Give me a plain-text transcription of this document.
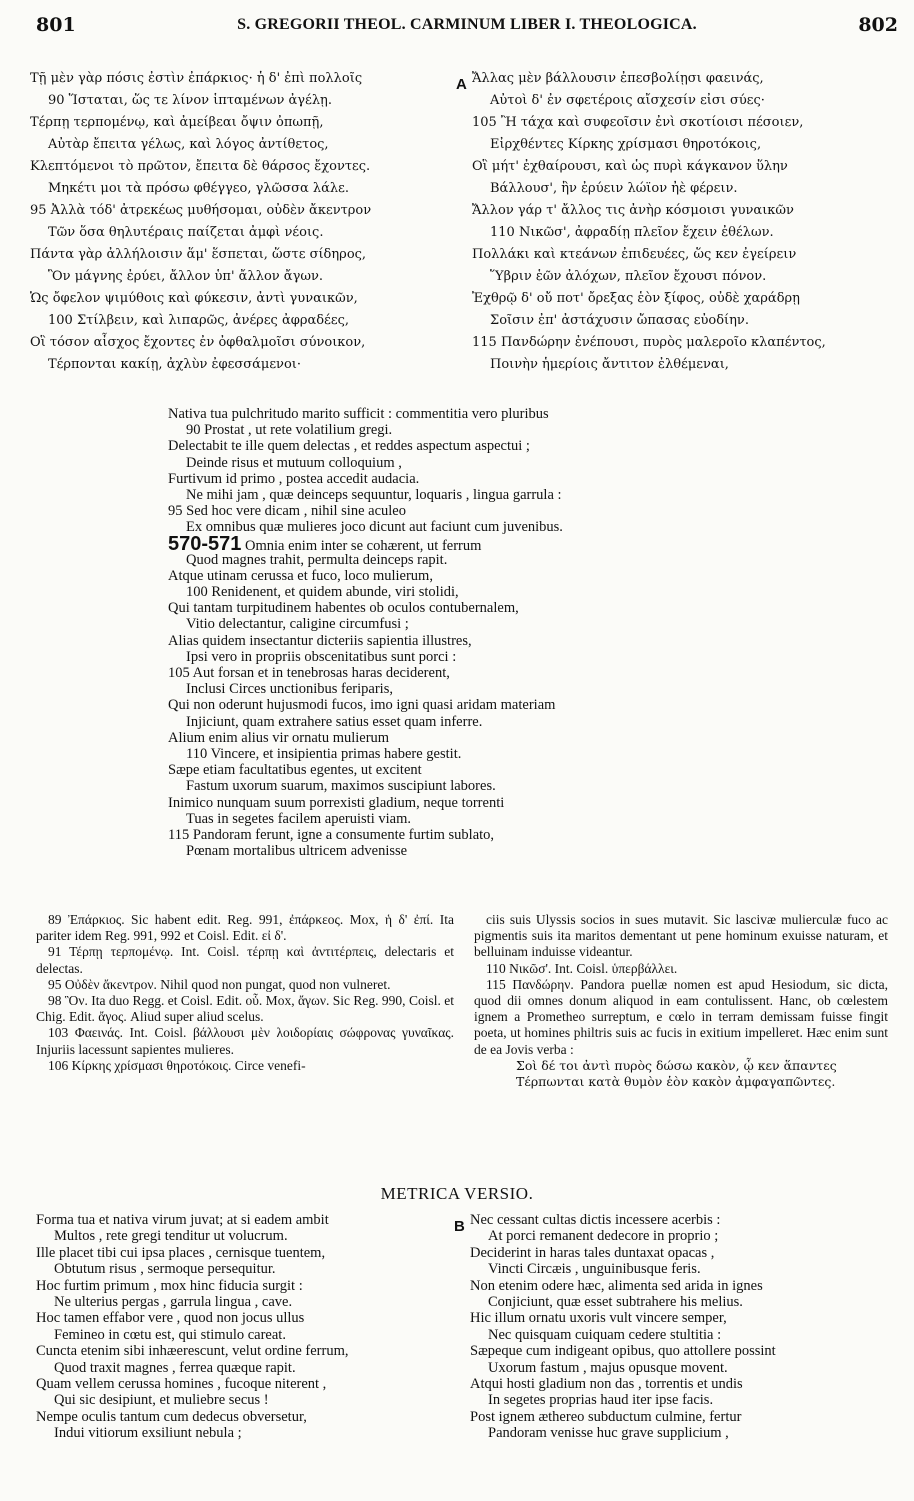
801	S. GREGORII THEOL. CARMINUM LIBER I. THEOLOGICA.	802
Τῇ μὲν γὰρ πόσις ἐστὶν ἐπάρκιος· ἡ δ' ἐπὶ πολλοῖς
90 Ἵσταται, ὥς τε λίνον ἱπταμένων ἀγέλῃ.
Τέρπῃ τερπομένῳ, καὶ ἀμείβεαι ὄψιν ὀπωπῇ,
Αὐτὰρ ἔπειτα γέλως, καὶ λόγος ἀντίθετος,
Κλεπτόμενοι τὸ πρῶτον, ἔπειτα δὲ θάρσος ἔχοντες.
Μηκέτι μοι τὰ πρόσω φθέγγεο, γλῶσσα λάλε.
95 Ἀλλὰ τόδ' ἀτρεκέως μυθήσομαι, οὐδὲν ἄκεντρον
Τῶν ὅσα θηλυτέραις παίζεται ἀμφὶ νέοις.
Πάντα γὰρ ἀλλήλοισιν ἅμ' ἕσπεται, ὥστε σίδηρος,
Ὃν μάγνης ἐρύει, ἄλλον ὑπ' ἄλλον ἄγων.
Ὡς ὄφελον ψιμύθοις καὶ φύκεσιν, ἀντὶ γυναικῶν,
100 Στίλβειν, καὶ λιπαρῶς, ἀνέρες ἀφραδέες,
Οἳ τόσον αἶσχος ἔχοντες ἐν ὀφθαλμοῖσι σύνοικον,
Τέρπονται κακίῃ, ἀχλὺν ἐφεσσάμενοι·
A Ἄλλας μὲν βάλλουσιν ἐπεσβολίῃσι φαεινάς,
Αὐτοὶ δ' ἐν σφετέροις αἴσχεσίν εἰσι σύες·
105 Ἢ τάχα καὶ συφεοῖσιν ἐνὶ σκοτίοισι πέσοιεν,
Εἰρχθέντες Κίρκης χρίσμασι θηροτόκοις,
Οἳ μήτ' ἐχθαίρουσι, καὶ ὡς πυρὶ κάγκανον ὕλην
Βάλλουσ', ἣν ἐρύειν λώϊον ἠὲ φέρειν.
Ἄλλον γάρ τ' ἄλλος τις ἀνὴρ κόσμοισι γυναικῶν
110 Νικῶσ', ἀφραδίῃ πλεῖον ἔχειν ἐθέλων.
Πολλάκι καὶ κτεάνων ἐπιδευέες, ὥς κεν ἐγείρειν
Ὕβριν ἑῶν ἀλόχων, πλεῖον ἔχουσι πόνον.
Ἐχθρῷ δ' οὔ ποτ' ὄρεξας ἑὸν ξίφος, οὐδὲ χαράδρῃ
Σοῖσιν ἐπ' ἀστάχυσιν ὤπασας εὐοδίην.
115 Πανδώρην ἐνέπουσι, πυρὸς μαλεροῖο κλαπέντος,
Ποινὴν ἡμερίοις ἄντιτον ἐλθέμεναι,
Nativa tua pulchritudo marito sufficit : commentitia vero pluribus
90 Prostat , ut rete volatilium gregi.
Delectabit te ille quem delectas , et reddes aspectum aspectui ;
Deinde risus et mutuum colloquium ,
Furtivum id primo , postea accedit audacia.
Ne mihi jam , quæ deinceps sequuntur, loquaris , lingua garrula :
95 Sed hoc vere dicam , nihil sine aculeo
Ex omnibus quæ mulieres joco dicunt aut faciunt cum juvenibus.
570-571 Omnia enim inter se cohærent, ut ferrum
Quod magnes trahit, permulta deinceps rapit.
Atque utinam cerussa et fuco, loco mulierum,
100 Renidenent, et quidem abunde, viri stolidi,
Qui tantam turpitudinem habentes ob oculos contubernalem,
Vitio delectantur, caligine circumfusi ;
Alias quidem insectantur dicteriis sapientia illustres,
Ipsi vero in propriis obscenitatibus sunt porci :
105 Aut forsan et in tenebrosas haras deciderent,
Inclusi Circes unctionibus feriparis,
Qui non oderunt hujusmodi fucos, imo igni quasi aridam materiam
Injiciunt, quam extrahere satius esset quam inferre.
Alium enim alius vir ornatu mulierum
110 Vincere, et insipientia primas habere gestit.
Sæpe etiam facultatibus egentes, ut excitent
Fastum uxorum suarum, maximos suscipiunt labores.
Inimico nunquam suum porrexisti gladium, neque torrenti
Tuas in segetes facilem aperuisti viam.
115 Pandoram ferunt, igne a consumente furtim sublato,
Pœnam mortalibus ultricem advenisse

89 Ἐπάρκιος. Sic habent edit. Reg. 991, ἐπάρκεος. Mox, ἡ δ' ἐπί. Ita pariter idem Reg. 991, 992 et Coisl. Edit. εἰ δ'.

91 Τέρπῃ τερπομένῳ. Int. Coisl. τέρπῃ καὶ ἀντιτέρπεις, delectaris et delectas.

95 Οὐδὲν ἄκεντρον. Nihil quod non pungat, quod non vulneret.

98 Ὃν. Ita duo Regg. et Coisl. Edit. οὗ. Mox, ἄγων. Sic Reg. 990, Coisl. et Chig. Edit. ἄγος. Aliud super aliud scelus.

103 Φαεινάς. Int. Coisl. βάλλουσι μὲν λοιδορίαις σώφρονας γυναῖκας. Injuriis lacessunt sapientes mulieres.

106 Κίρκης χρίσμασι θηροτόκοις. Circe venefi-

ciis suis Ulyssis socios in sues mutavit. Sic lascivæ mulierculæ fuco ac pigmentis suis ita maritos dementant ut pene hominum exuisse naturam, et belluinam induisse videantur.

110 Νικῶσ'. Int. Coisl. ὑπερβάλλει.

115 Πανδώρην. Pandora puellæ nomen est apud Hesiodum, sic dicta, quod dii omnes donum aliquod in eam contulissent. Hanc, ob cœlestem ignem a Prometheo surreptum, e cœlo in terram demissam fuisse fingit poeta, ut homines philtris suis ac fucis in exitium impelleret. Hæc enim sunt de ea Jovis verba :

Σοὶ δέ τοι ἀντὶ πυρὸς δώσω κακὸν, ᾧ κεν ἅπαντες
Τέρπωνται κατὰ θυμὸν ἑὸν κακὸν ἀμφαγαπῶντες.
METRICA VERSIO.
B
Forma tua et nativa virum juvat; at si eadem ambit
Multos , rete gregi tenditur ut volucrum.
Ille placet tibi cui ipsa places , cernisque tuentem,
Obtutum risus , sermoque persequitur.
Hoc furtim primum , mox hinc fiducia surgit :
Ne ulterius pergas , garrula lingua , cave.
Hoc tamen effabor vere , quod non jocus ullus
Femineo in cœtu est, qui stimulo careat.
Cuncta etenim sibi inhæerescunt, velut ordine ferrum,
Quod traxit magnes , ferrea quæque rapit.
Quam vellem cerussa homines , fucoque niterent ,
Qui sic desipiunt, et muliebre secus !
Nempe oculis tantum cum dedecus obversetur,
Indui vitiorum exsiliunt nebula ;
Nec cessant cultas dictis incessere acerbis :
At porci remanent dedecore in proprio ;
Deciderint in haras tales duntaxat opacas ,
Vincti Circæis , unguinibusque feris.
Non etenim odere hæc, alimenta sed arida in ignes
Conjiciunt, quæ esset subtrahere his melius.
Hic illum ornatu uxoris vult vincere semper,
Nec quisquam cuiquam cedere stultitia :
Sæpeque cum indigeant opibus, quo attollere possint
Uxorum fastum , majus opusque movent.
Atqui hosti gladium non das , torrentis et undis
In segetes proprias haud iter ipse facis.
Post ignem æthereo subductum culmine, fertur
Pandoram venisse huc grave supplicium ,
